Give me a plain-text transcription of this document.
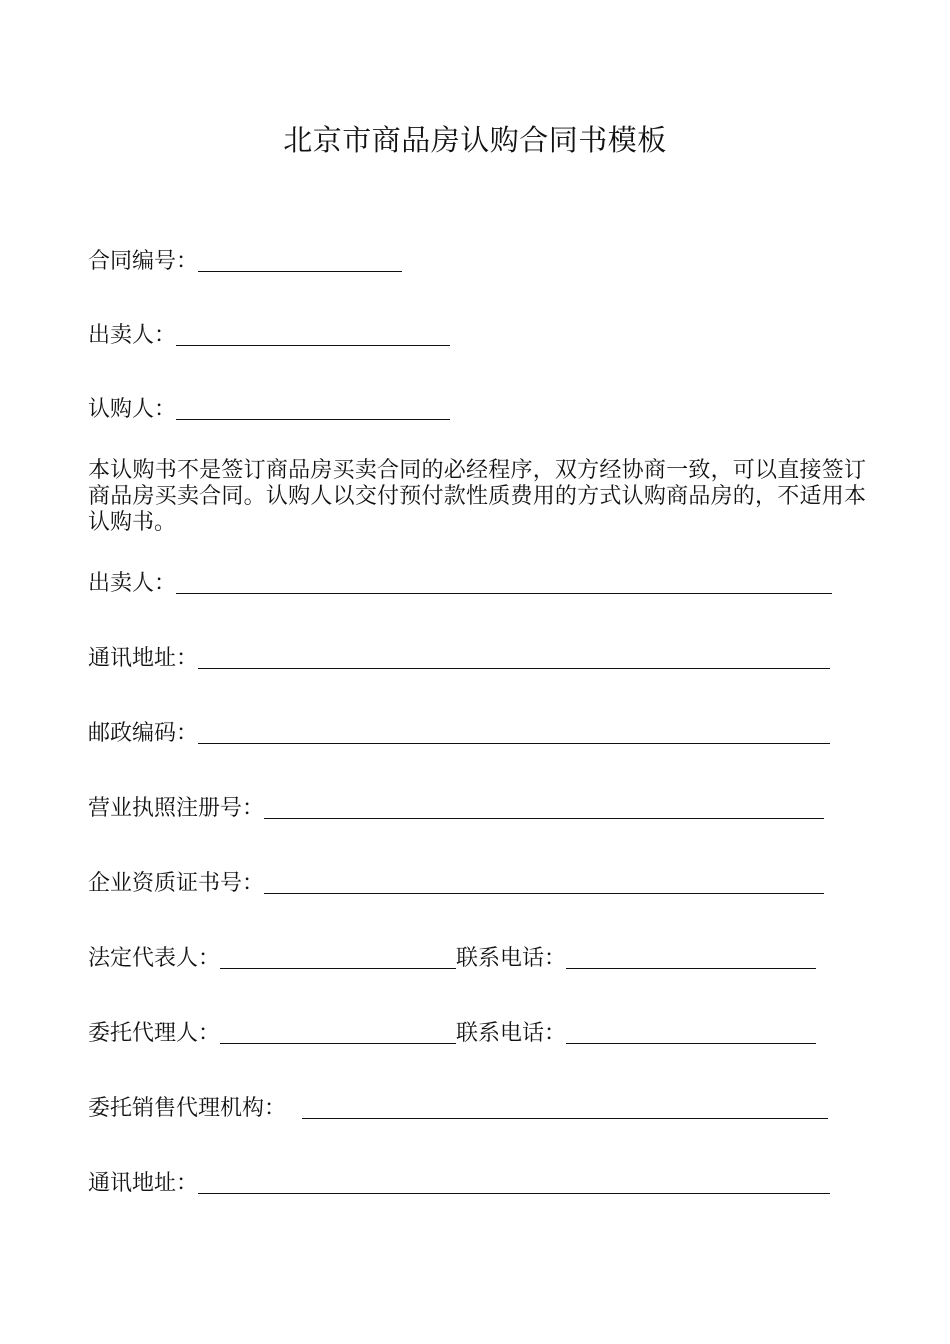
北京市商品房认购合同书模板
合同编号：
出卖人：
认购人：
本认购书不是签订商品房买卖合同的必经程序，双方经协商一致，可以直接签订商品房买卖合同。认购人以交付预付款性质费用的方式认购商品房的，不适用本认购书。
出卖人：
通讯地址：
邮政编码：
营业执照注册号：
企业资质证书号：
法定代表人：	联系电话：
委托代理人：	联系电话：
委托销售代理机构：
通讯地址：
